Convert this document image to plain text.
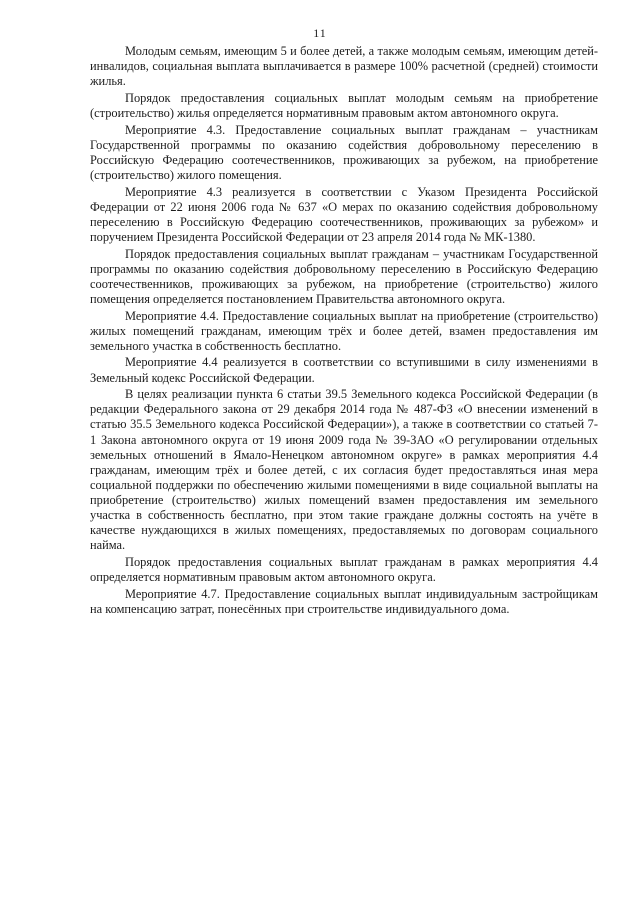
11

Молодым семьям, имеющим 5 и более детей, а также молодым семьям, имеющим детей-инвалидов, социальная выплата выплачивается в размере 100% расчетной (средней) стоимости жилья.

Порядок предоставления социальных выплат молодым семьям на приобретение (строительство) жилья определяется нормативным правовым актом автономного округа.

Мероприятие 4.3. Предоставление социальных выплат гражданам – участникам Государственной программы по оказанию содействия добровольному переселению в Российскую Федерацию соотечественников, проживающих за рубежом, на приобретение (строительство) жилого помещения.

Мероприятие 4.3 реализуется в соответствии с Указом Президента Российской Федерации от 22 июня 2006 года № 637 «О мерах по оказанию содействия добровольному переселению в Российскую Федерацию соотечественников, проживающих за рубежом» и поручением Президента Российской Федерации от 23 апреля 2014 года № МК-1380.

Порядок предоставления социальных выплат гражданам – участникам Государственной программы по оказанию содействия добровольному переселению в Российскую Федерацию соотечественников, проживающих за рубежом, на приобретение (строительство) жилого помещения определяется постановлением Правительства автономного округа.

Мероприятие 4.4. Предоставление социальных выплат на приобретение (строительство) жилых помещений гражданам, имеющим трёх и более детей, взамен предоставления им земельного участка в собственность бесплатно.

Мероприятие 4.4 реализуется в соответствии со вступившими в силу изменениями в Земельный кодекс Российской Федерации.

В целях реализации пункта 6 статьи 39.5 Земельного кодекса Российской Федерации (в редакции Федерального закона от 29 декабря 2014 года № 487-ФЗ «О внесении изменений в статью 35.5 Земельного кодекса Российской Федерации»), а также в соответствии со статьей 7-1 Закона автономного округа от 19 июня 2009 года № 39-ЗАО «О регулировании отдельных земельных отношений в Ямало-Ненецком автономном округе» в рамках мероприятия 4.4 гражданам, имеющим трёх и более детей, с их согласия будет предоставляться иная мера социальной поддержки по обеспечению жилыми помещениями в виде социальной выплаты на приобретение (строительство) жилых помещений взамен предоставления им земельного участка в собственность бесплатно, при этом такие граждане должны состоять на учёте в качестве нуждающихся в жилых помещениях, предоставляемых по договорам социального найма.

Порядок предоставления социальных выплат гражданам в рамках мероприятия 4.4 определяется нормативным правовым актом автономного округа.

Мероприятие 4.7. Предоставление социальных выплат индивидуальным застройщикам на компенсацию затрат, понесённых при строительстве индивидуального дома.
